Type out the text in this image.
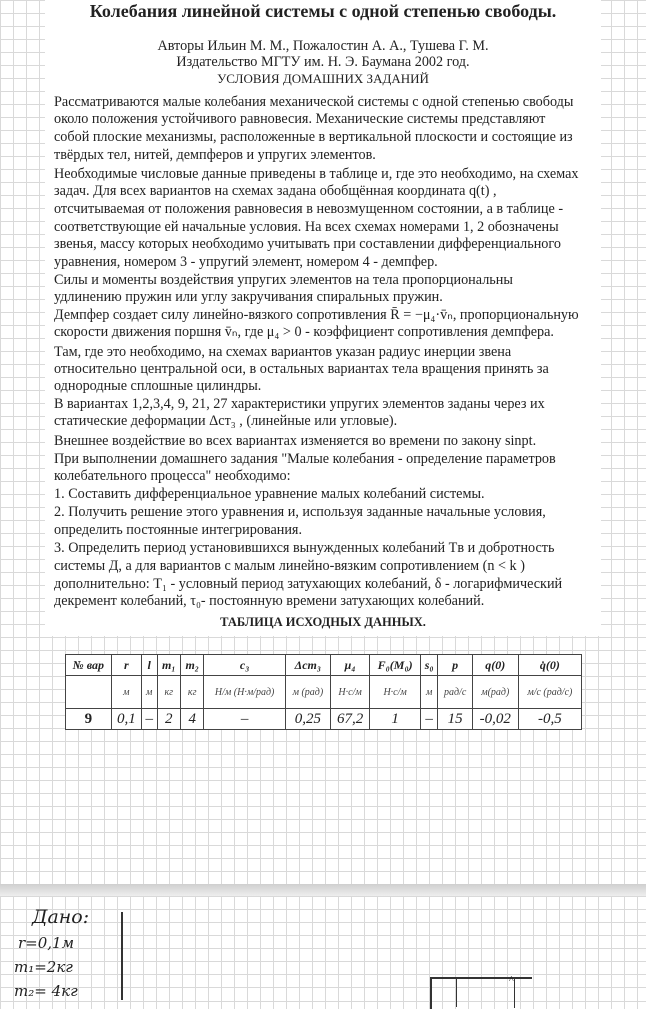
Колебания линейной системы с одной степенью свободы.
Авторы Ильин М. М., Пожалостин А. А., Тушева Г. М.
Издательство МГТУ им. Н. Э. Баумана 2002 год.
УСЛОВИЯ ДОМАШНИХ ЗАДАНИЙ
Рассматриваются малые колебания механической системы с одной степенью свободы
около положения устойчивого равновесия. Механические системы представляют
собой плоские механизмы, расположенные в вертикальной плоскости и состоящие из
твёрдых тел, нитей, демпферов и упругих элементов.
Необходимые числовые данные приведены в таблице и, где это необходимо, на схемах
задач. Для всех вариантов на схемах задана обобщённая координата q(t) ,
отсчитываемая от положения равновесия в невозмущенном состоянии, а в таблице -
соответствующие ей начальные условия. На всех схемах номерами 1, 2 обозначены
звенья, массу которых необходимо учитывать при составлении дифференциального
уравнения, номером 3 - упругий элемент, номером 4 - демпфер.
Силы и моменты воздействия упругих элементов на тела пропорциональны
удлинению пружин или углу закручивания спиральных пружин.
Демпфер создает силу линейно-вязкого сопротивления R̄ = −μ₄·v̄ₙ, пропорциональную
скорости движения поршня v̄ₙ, где μ₄ > 0 - коэффициент сопротивления демпфера.
Там, где это необходимо, на схемах вариантов указан радиус инерции звена
относительно центральной оси, в остальных вариантах тела вращения принять за
однородные сплошные цилиндры.
В вариантах 1,2,3,4, 9, 21, 27 характеристики упругих элементов заданы через их
статические деформации Δст₃ , (линейные или угловые).
Внешнее воздействие во всех вариантах изменяется во времени по закону sinpt.
При выполнении домашнего задания "Малые колебания - определение параметров
колебательного процесса" необходимо:
1. Составить дифференциальное уравнение малых колебаний системы.
2. Получить решение этого уравнения и, используя заданные начальные условия,
определить постоянные интегрирования.
3. Определить период установившихся вынужденных колебаний Tв и добротность
системы Д, а для вариантов с малым линейно-вязким сопротивлением (n < k )
дополнительно: T₁ - условный период затухающих колебаний, δ - логарифмический
декремент колебаний, τ₀- постоянную времени затухающих колебаний.
ТАБЛИЦА ИСХОДНЫХ ДАННЫХ.
№ вар	r	l	m₁	m₂	c₃	Δст₃	μ₄	F₀(M₀)	s₀	p	q(0)	q̇(0)
	м	м	кг	кг	Н/м (Н·м/рад)	м (рад)	Н·с/м	Н·с/м	м	рад/с	м(рад)	м/с (рад/с)
9	0,1	–	2	4	–	0,25	67,2	1	–	15	-0,02	-0,5
Дано:
r=0,1м
m₁=2кг
m₂= 4кг
^
